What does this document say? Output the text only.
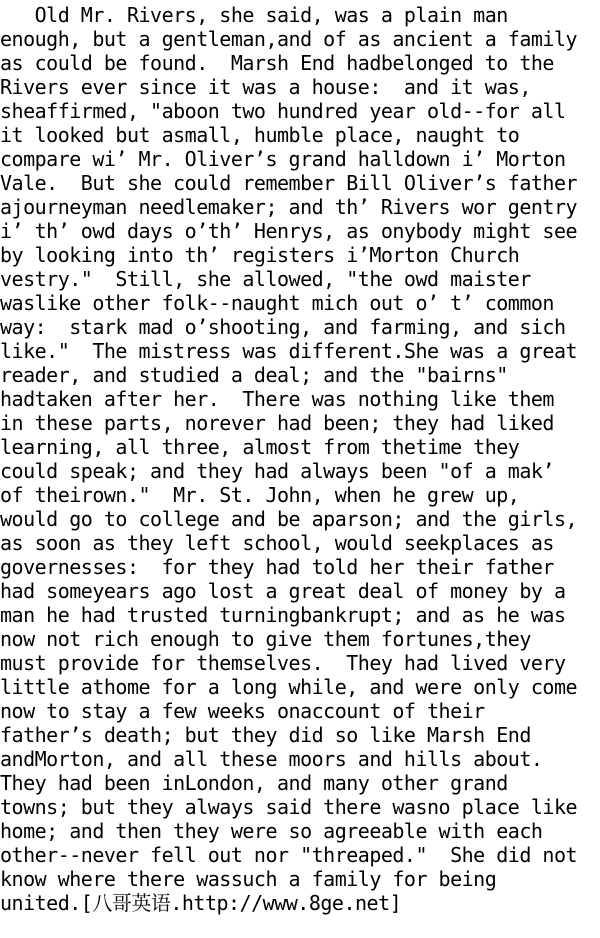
Old Mr. Rivers, she said, was a plain man
enough, but a gentleman,and of as ancient a family
as could be found.  Marsh End hadbelonged to the
Rivers ever since it was a house:  and it was,
sheaffirmed, "aboon two hundred year old--for all
it looked but asmall, humble place, naught to
compare wi’ Mr. Oliver’s grand halldown i’ Morton
Vale.  But she could remember Bill Oliver’s father
ajourneyman needlemaker; and th’ Rivers wor gentry
i’ th’ owd days o’th’ Henrys, as onybody might see
by looking into th’ registers i’Morton Church
vestry."  Still, she allowed, "the owd maister
waslike other folk--naught mich out o’ t’ common
way:  stark mad o’shooting, and farming, and sich
like."  The mistress was different.She was a great
reader, and studied a deal; and the "bairns"
hadtaken after her.  There was nothing like them
in these parts, norever had been; they had liked
learning, all three, almost from thetime they
could speak; and they had always been "of a mak’
of theirown."  Mr. St. John, when he grew up,
would go to college and be aparson; and the girls,
as soon as they left school, would seekplaces as
governesses:  for they had told her their father
had someyears ago lost a great deal of money by a
man he had trusted turningbankrupt; and as he was
now not rich enough to give them fortunes,they
must provide for themselves.  They had lived very
little athome for a long while, and were only come
now to stay a few weeks onaccount of their
father’s death; but they did so like Marsh End
andMorton, and all these moors and hills about.
They had been inLondon, and many other grand
towns; but they always said there wasno place like
home; and then they were so agreeable with each
other--never fell out nor "threaped."  She did not
know where there wassuch a family for being
united.[八哥英语.http://www.8ge.net]
